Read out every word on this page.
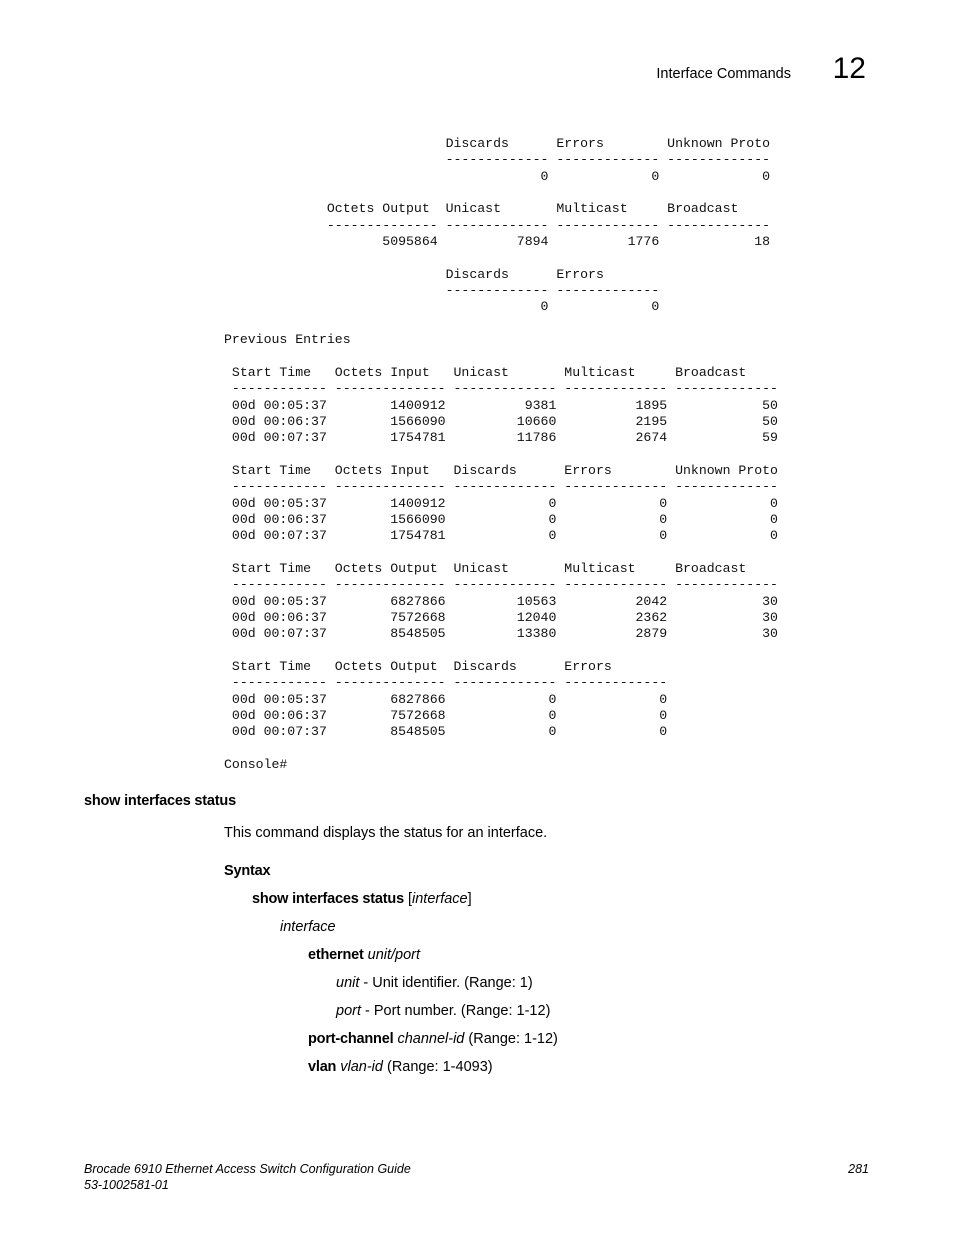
Interface Commands 12
Discards      Errors        Unknown Proto
------------- ------------- -------------
0             0             0

Octets Output  Unicast       Multicast     Broadcast
-------------- ------------- ------------- -------------
5095864          7894          1776            18

Discards      Errors
------------- -------------
0             0

Previous Entries

Start Time   Octets Input   Unicast       Multicast     Broadcast
------------ -------------- ------------- ------------- -------------
00d 00:05:37        1400912          9381          1895            50
00d 00:06:37        1566090         10660          2195            50
00d 00:07:37        1754781         11786          2674            59

Start Time   Octets Input   Discards      Errors        Unknown Proto
------------ -------------- ------------- ------------- -------------
00d 00:05:37        1400912             0             0             0
00d 00:06:37        1566090             0             0             0
00d 00:07:37        1754781             0             0             0

Start Time   Octets Output  Unicast       Multicast     Broadcast
------------ -------------- ------------- ------------- -------------
00d 00:05:37        6827866         10563          2042            30
00d 00:06:37        7572668         12040          2362            30
00d 00:07:37        8548505         13380          2879            30

Start Time   Octets Output  Discards      Errors
------------ -------------- ------------- -------------
00d 00:05:37        6827866             0             0
00d 00:06:37        7572668             0             0
00d 00:07:37        8548505             0             0

Console#
show interfaces status
This command displays the status for an interface.
Syntax
show interfaces status [interface]
interface
ethernet unit/port
unit - Unit identifier. (Range: 1)
port - Port number. (Range: 1-12)
port-channel channel-id (Range: 1-12)
vlan vlan-id (Range: 1-4093)
Brocade 6910 Ethernet Access Switch Configuration Guide
53-1002581-01
281
